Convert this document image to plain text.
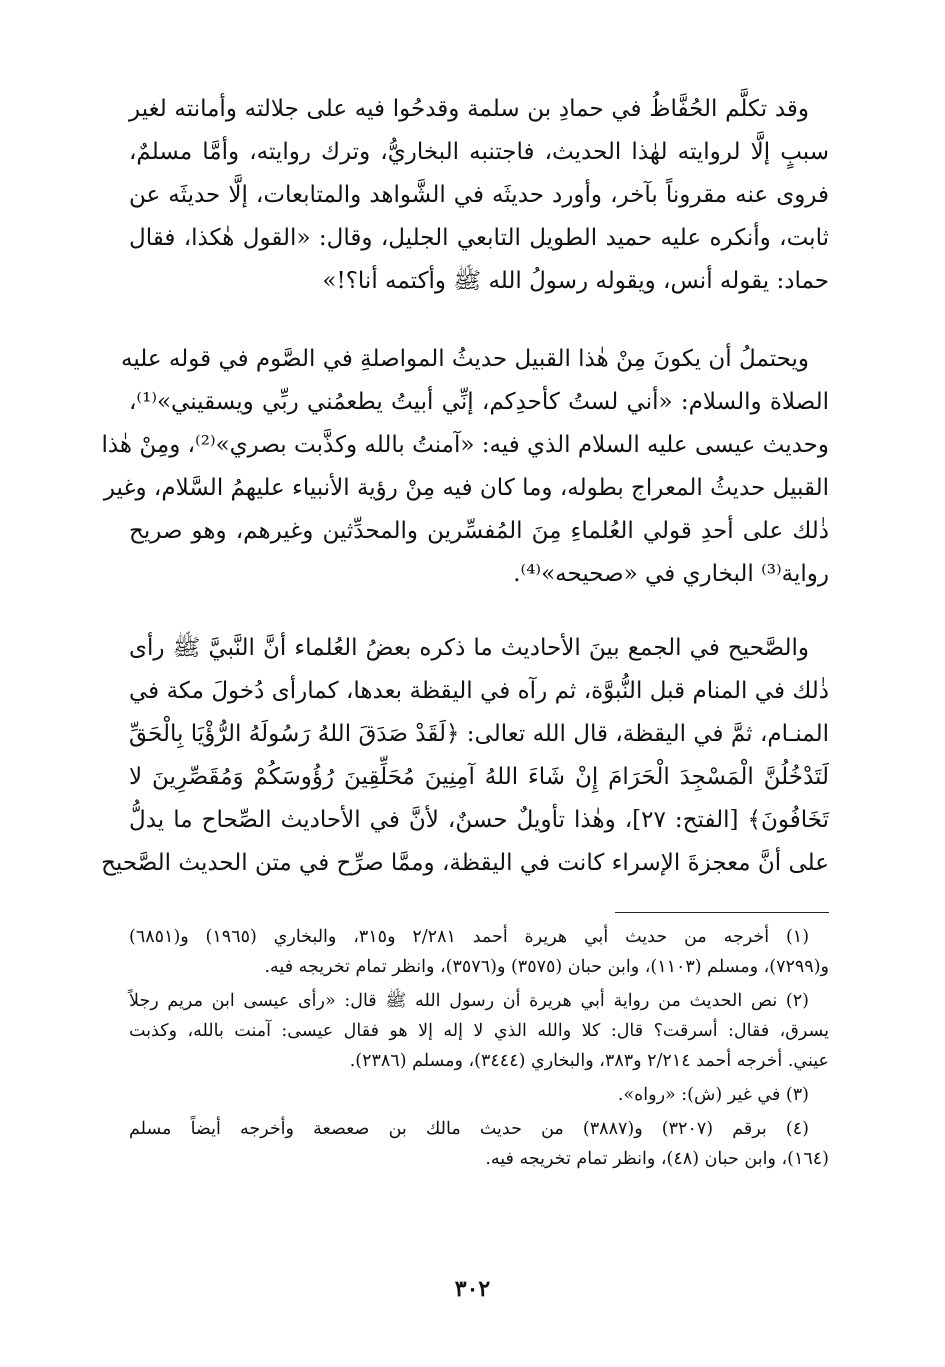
وقد تكلَّم الحُفَّاظُ في حمادِ بن سلمة وقدحُوا فيه على جلالته وأمانته لغير
سببٍ إلَّا لروايته لهٰذا الحديث، فاجتنبه البخاريُّ، وترك روايته، وأمَّا مسلمٌ،
فروى عنه مقروناً بآخر، وأورد حديثَه في الشَّواهد والمتابعات، إلَّا حديثَه عن
ثابت، وأنكره عليه حميد الطويل التابعي الجليل، وقال: «القول هٰكذا، فقال
حماد: يقوله أنس، ويقوله رسولُ الله ﷺ وأكتمه أنا؟!»
ويحتملُ أن يكونَ مِنْ هٰذا القبيل حديثُ المواصلةِ في الصَّوم في قوله عليه
الصلاة والسلام: «أني لستُ كأحدِكم، إنِّي أبيتُ يطعمُني ربِّي ويسقيني»⁽¹⁾،
وحديث عيسى عليه السلام الذي فيه: «آمنتُ بالله وكذَّبت بصري»⁽²⁾، ومِنْ هٰذا
القبيل حديثُ المعراج بطوله، وما كان فيه مِنْ رؤية الأنبياء عليهمُ السَّلام، وغير
ذٰلك على أحدِ قولي العُلماءِ مِنَ المُفسِّرين والمحدِّثين وغيرهم، وهو صريح
رواية⁽³⁾ البخاري في «صحيحه»⁽⁴⁾.
والصَّحيح في الجمع بينَ الأحاديث ما ذكره بعضُ العُلماء أنَّ النَّبيَّ ﷺ رأى
ذٰلك في المنام قبل النُّبوَّة، ثم رآه في اليقظة بعدها، كمارأى دُخولَ مكة في
المنـام، ثمَّ في اليقظة، قال الله تعالى: ﴿لَقَدْ صَدَقَ اللهُ رَسُولَهُ الرُّؤْيَا بِالْحَقِّ
لَتَدْخُلُنَّ الْمَسْجِدَ الْحَرَامَ إِنْ شَاءَ اللهُ آمِنِينَ مُحَلِّقِينَ رُؤُوسَكُمْ وَمُقَصِّرِينَ لا
تَخَافُونَ﴾ [الفتح: ٢٧]، وهٰذا تأويلٌ حسنٌ، لأنَّ في الأحاديث الصِّحاح ما يدلُّ
على أنَّ معجزةَ الإسراء كانت في اليقظة، وممَّا صرِّح في متن الحديث الصَّحيح
(١) أخرجه من حديث أبي هريرة أحمد ٢/٢٨١ و٣١٥، والبخاري (١٩٦٥) و(٦٨٥١)
و(٧٢٩٩)، ومسلم (١١٠٣)، وابن حبان (٣٥٧٥) و(٣٥٧٦)، وانظر تمام تخريجه فيه.
(٢) نص الحديث من رواية أبي هريرة أن رسول الله ﷺ قال: «رأى عيسى ابن مريم رجلاً
يسرق، فقال: أسرقت؟ قال: كلا والله الذي لا إله إلا هو فقال عيسى: آمنت بالله، وكذبت
عيني. أخرجه أحمد ٢/٢١٤ و٣٨٣، والبخاري (٣٤٤٤)، ومسلم (٢٣٨٦).
(٣) في غير (ش): «رواه».
(٤) برقم (٣٢٠٧) و(٣٨٨٧) من حديث مالك بن صعصعة وأخرجه أيضاً مسلم
(١٦٤)، وابن حبان (٤٨)، وانظر تمام تخريجه فيه.
٣٠٢
